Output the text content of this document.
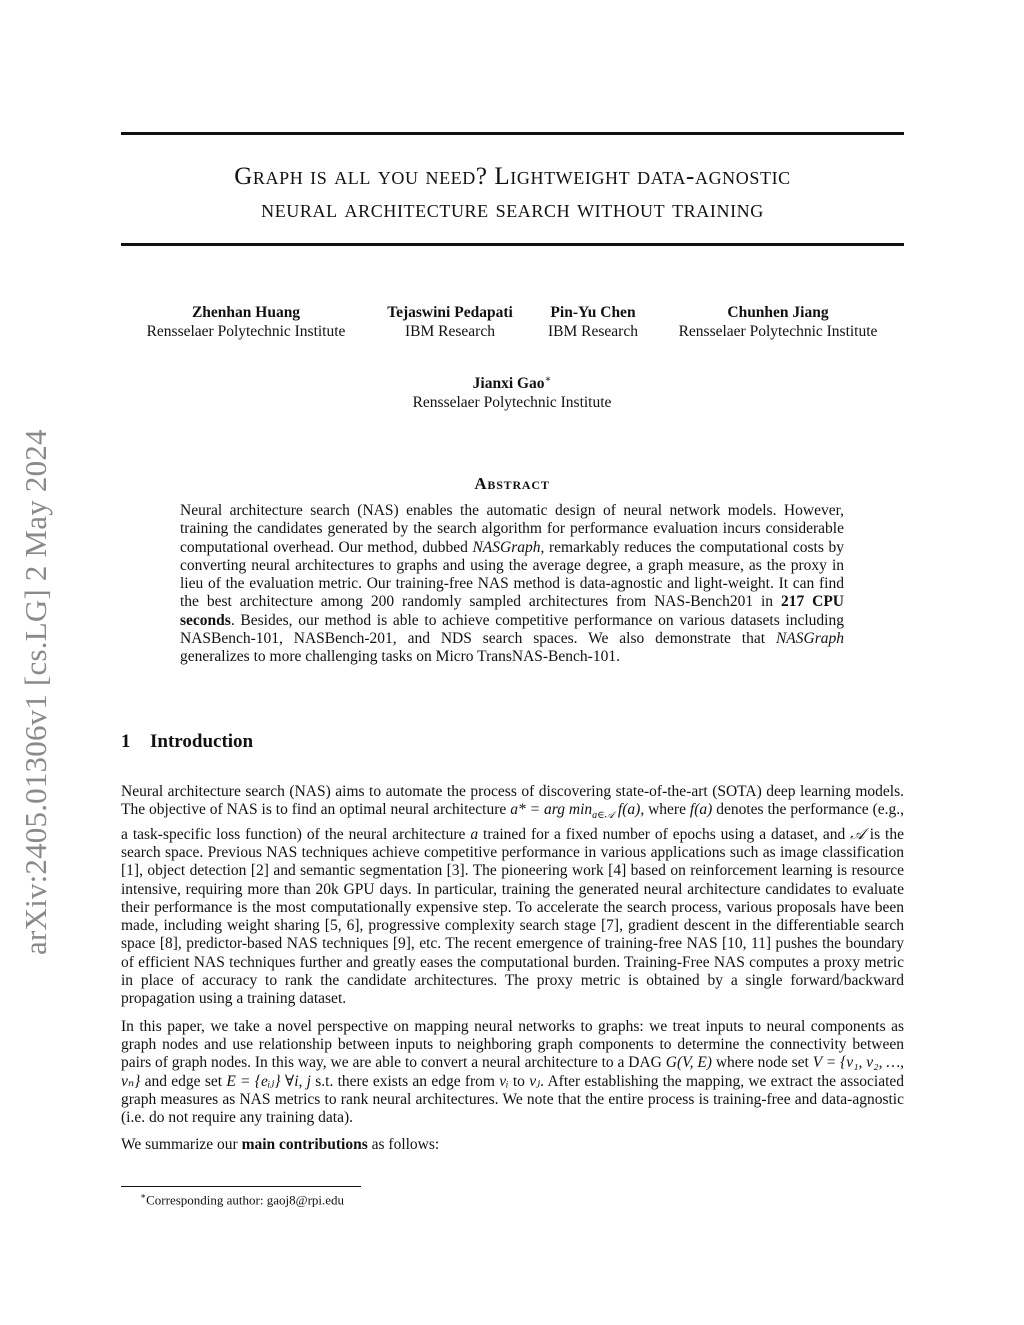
arXiv:2405.01306v1 [cs.LG] 2 May 2024
Graph is all you need? Lightweight data-agnostic
neural architecture search without training
Zhenhan Huang
Rensselaer Polytechnic Institute
Tejaswini Pedapati
IBM Research
Pin-Yu Chen
IBM Research
Chunhen Jiang
Rensselaer Polytechnic Institute
Jianxi Gao∗
Rensselaer Polytechnic Institute
Abstract
Neural architecture search (NAS) enables the automatic design of neural network models. However, training the candidates generated by the search algorithm for performance evaluation incurs considerable computational overhead. Our method, dubbed NASGraph, remarkably reduces the computational costs by converting neural architectures to graphs and using the average degree, a graph measure, as the proxy in lieu of the evaluation metric. Our training-free NAS method is data-agnostic and light-weight. It can find the best architecture among 200 randomly sampled architectures from NAS-Bench201 in 217 CPU seconds. Besides, our method is able to achieve competitive performance on various datasets including NASBench-101, NASBench-201, and NDS search spaces. We also demonstrate that NASGraph generalizes to more challenging tasks on Micro TransNAS-Bench-101.
1 Introduction

Neural architecture search (NAS) aims to automate the process of discovering state-of-the-art (SOTA) deep learning models. The objective of NAS is to find an optimal neural architecture a* = arg $\min_{a\in 𝒜} f(a)$, where f(a) denotes the performance (e.g., a task-specific loss function) of the neural architecture a trained for a fixed number of epochs using a dataset, and 𝒜 is the search space. Previous NAS techniques achieve competitive performance in various applications such as image classification [1], object detection [2] and semantic segmentation [3]. The pioneering work [4] based on reinforcement learning is resource intensive, requiring more than 20k GPU days. In particular, training the generated neural architecture candidates to evaluate their performance is the most computationally expensive step. To accelerate the search process, various proposals have been made, including weight sharing [5, 6], progressive complexity search stage [7], gradient descent in the differentiable search space [8], predictor-based NAS techniques [9], etc. The recent emergence of training-free NAS [10, 11] pushes the boundary of efficient NAS techniques further and greatly eases the computational burden. Training-Free NAS computes a proxy metric in place of accuracy to rank the candidate architectures. The proxy metric is obtained by a single forward/backward propagation using a training dataset.

In this paper, we take a novel perspective on mapping neural networks to graphs: we treat inputs to neural components as graph nodes and use relationship between inputs to neighboring graph components to determine the connectivity between pairs of graph nodes. In this way, we are able to convert a neural architecture to a DAG G(V, E) where node set V = {v₁, v₂, …, vₙ} and edge set E = {eᵢⱼ} ∀i, j s.t. there exists an edge from vᵢ to vⱼ. After establishing the mapping, we extract the associated graph measures as NAS metrics to rank neural architectures. We note that the entire process is training-free and data-agnostic (i.e. do not require any training data).

We summarize our main contributions as follows:

∗Corresponding author: gaoj8@rpi.edu
